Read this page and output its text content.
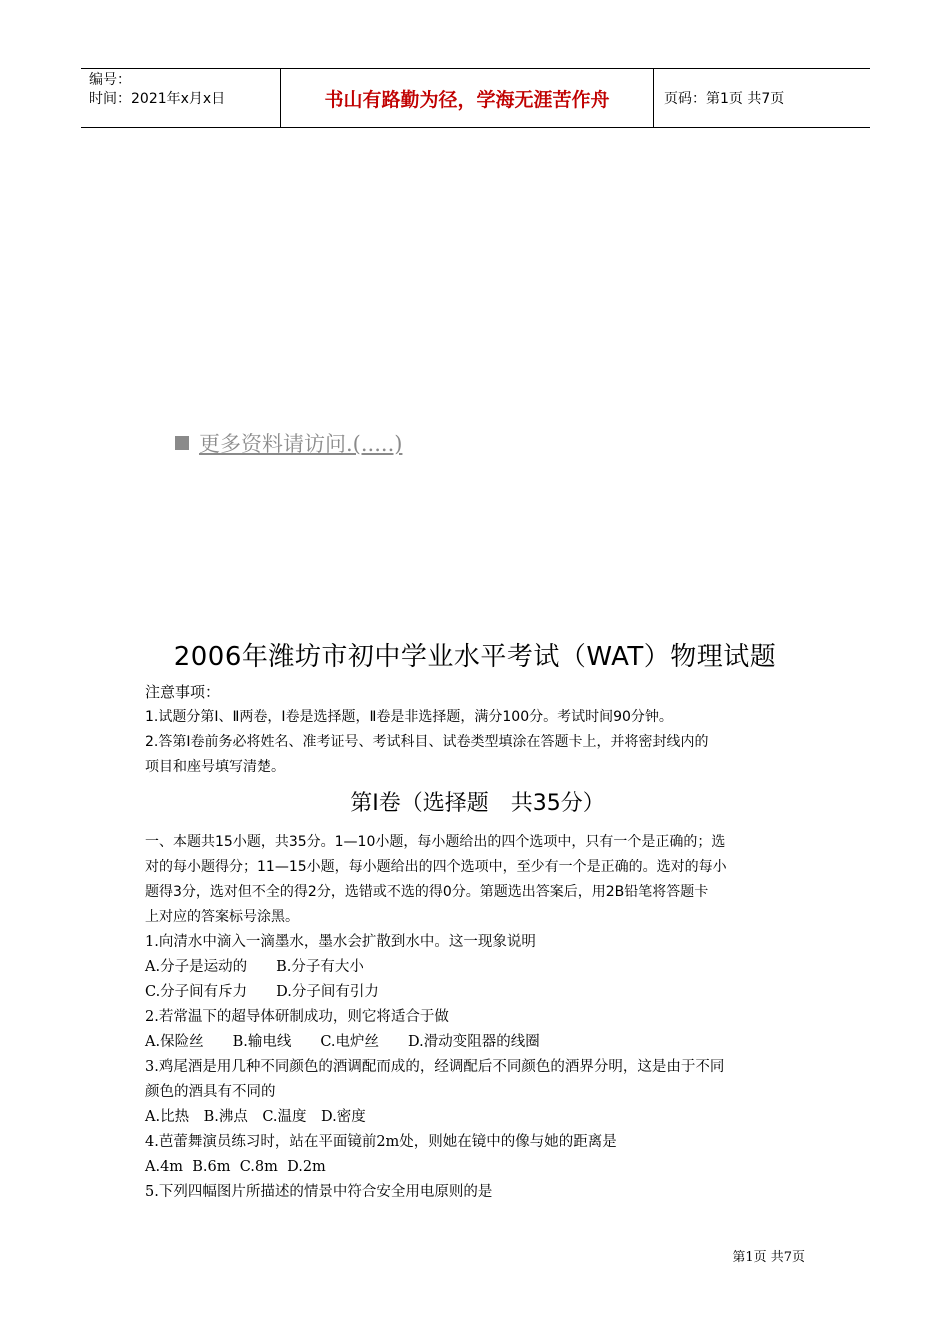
编号：
时间：2021年x月x日	书山有路勤为径，学海无涯苦作舟	页码：第1页 共7页
更多资料请访问.(.....)
2006年潍坊市初中学业水平考试（WAT）物理试题
注意事项：
1.试题分第Ⅰ、Ⅱ两卷，Ⅰ卷是选择题，Ⅱ卷是非选择题，满分100分。考试时间90分钟。
2.答第Ⅰ卷前务必将姓名、准考证号、考试科目、试卷类型填涂在答题卡上，并将密封线内的
项目和座号填写清楚。
第Ⅰ卷（选择题　共35分）
一、本题共15小题，共35分。1—10小题，每小题给出的四个选项中，只有一个是正确的；选
对的每小题得分；11—15小题，每小题给出的四个选项中，至少有一个是正确的。选对的每小
题得3分，选对但不全的得2分，选错或不选的得0分。第题选出答案后，用2B铅笔将答题卡
上对应的答案标号涂黑。
1.向清水中滴入一滴墨水，墨水会扩散到水中。这一现象说明
A.分子是运动的　　B.分子有大小
C.分子间有斥力　　D.分子间有引力
2.若常温下的超导体研制成功，则它将适合于做
A.保险丝　　B.输电线　　C.电炉丝　　D.滑动变阻器的线圈
3.鸡尾酒是用几种不同颜色的酒调配而成的，经调配后不同颜色的酒界分明，这是由于不同
颜色的酒具有不同的
A.比热　B.沸点　C.温度　D.密度
4.芭蕾舞演员练习时，站在平面镜前2m处，则她在镜中的像与她的距离是
A.4m  B.6m  C.8m  D.2m
5.下列四幅图片所描述的情景中符合安全用电原则的是
第1页 共7页
